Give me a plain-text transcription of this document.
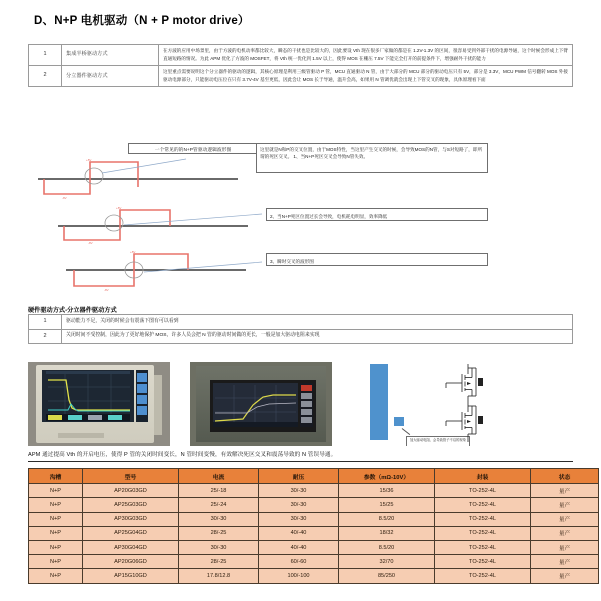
D、N+P 电机驱动（N + P motor drive）
1	集成半桥驱动方式	在方波的应用中场景里，由于方波的电机动率都比较大，瞬态的干扰也是比较大的，因此要设 Vth 现在很多厂家做的都是在 1.2V-1.3V 的区间，很容易受到外部干扰的电源导通，这个时候会形成上下臂直通短路的情况。为此 APM 优化了方波的 MOSFET，将 Vth 统一优化到 1.5V 以上，使得 MOS 在栅压 7.5V 下能完全打开的前提条件下，增强耐外干扰的能力
2	分立器件驱动方式	这里重点需要说明这个分立器件的驱动的逻辑，其核心原理是利用三级管驱动 P 管，MCU 直通驱动 N 管，由于大部分的 MCU 部分的驱动电压只有 5V，部分是 3.3V，MCU PWM 信号翻转 MOS 外接驱动电源部分，只能驱动电压位在只有 3.7V-4V 基至更低，因此会让 MOS 长于导通，温升会高，如果用 N 管调优就会出现上下管交叉的现象，具体原理看下面
一个常见的的N+P管驱动逻辑波形图	这里就是N和P的交叉位置，由于MOS特性，当这里产生交叉的时候，会导致MOS的N管，与S对短路了，即所谓的死区交叉。 1、当N+P死区交叉会导致N管失效。
2、当N+P死区位置过长会导致，电机耗电明显，效率降低
3、瞬时交叉的波形图
+8V
-8V
+8V
-8V
+8V
-8V
硬件驱动方式-分立器件驱动方式
1	驱动能力不足，关闭的时候会有震荡下图有可以看到
2	关闭时间不受控制，因此为了更好地保护 MOS，许多人员会把 N 管的驱动时间做的更长，一般是加大驱动电阻来实现
加大驱动电阻、会导致管子不启的现象
APM 通过提高 Vth 的开启电压，使得 P 管的关闭时间变长，N 管时间变慢，有效解决死区交叉和震荡导致的 N 管误导通。
沟槽	型号	电流	耐压	参数（mΩ-10V）	封装	状态
N+P	AP20G03GD	25/-18	30/-30	15/36	TO-252-4L	量产
N+P	AP25G03GD	25/-24	30/-30	15/25	TO-252-4L	量产
N+P	AP30G03GD	30/-30	30/-30	8.5/20	TO-252-4L	量产
N+P	AP25G04GD	28/-25	40/-40	18/32	TO-252-4L	量产
N+P	AP30G04GD	30/-30	40/-40	8.5/20	TO-252-4L	量产
N+P	AP20G06GD	28/-25	60/-60	32/70	TO-252-4L	量产
N+P	AP15G10GD	17.8/12.8	100/-100	85/250	TO-252-4L	量产
